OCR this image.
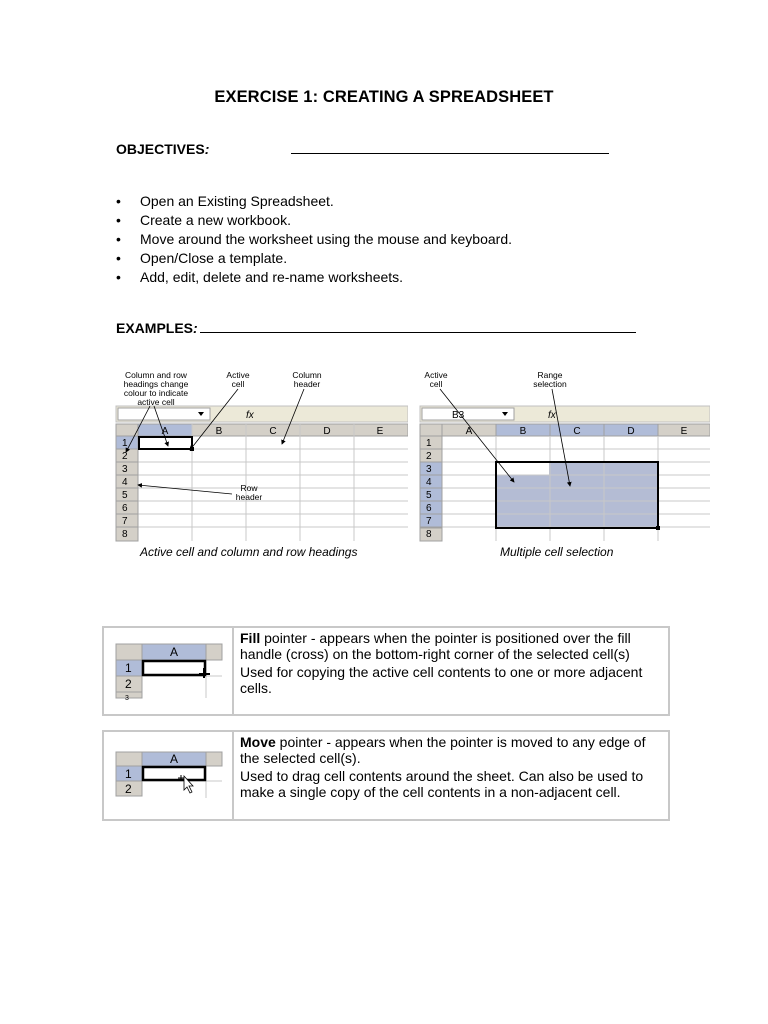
EXERCISE 1: CREATING A SPREADSHEET
OBJECTIVES:
• Open an Existing Spreadsheet.
• Create a new workbook.
• Move around the worksheet using the mouse and keyboard.
• Open/Close a template.
• Add, edit, delete and re-name worksheets.
EXAMPLES:
fx
A	B	C	D	E
1
2
3
4
5
6
7
8
Column and row
headings change
colour to indicate
active cell
Active
cell
Column
header
Row
header
Active cell and column and row headings
B3	fx
A	B	C	D	E
1
2
3
4
5
6
7
8
Active
cell
Range
selection
Multiple cell selection
A
1
2
3

Fill pointer - appears when the pointer is positioned over the fill handle (cross) on the bottom-right corner of the selected cell(s)

Used for copying the active cell contents to one or more adjacent cells.

A
1
2

Move pointer - appears when the pointer is moved to any edge of the selected cell(s).

Used to drag cell contents around the sheet. Can also be used to make a single copy of the cell contents in a non-adjacent cell.
